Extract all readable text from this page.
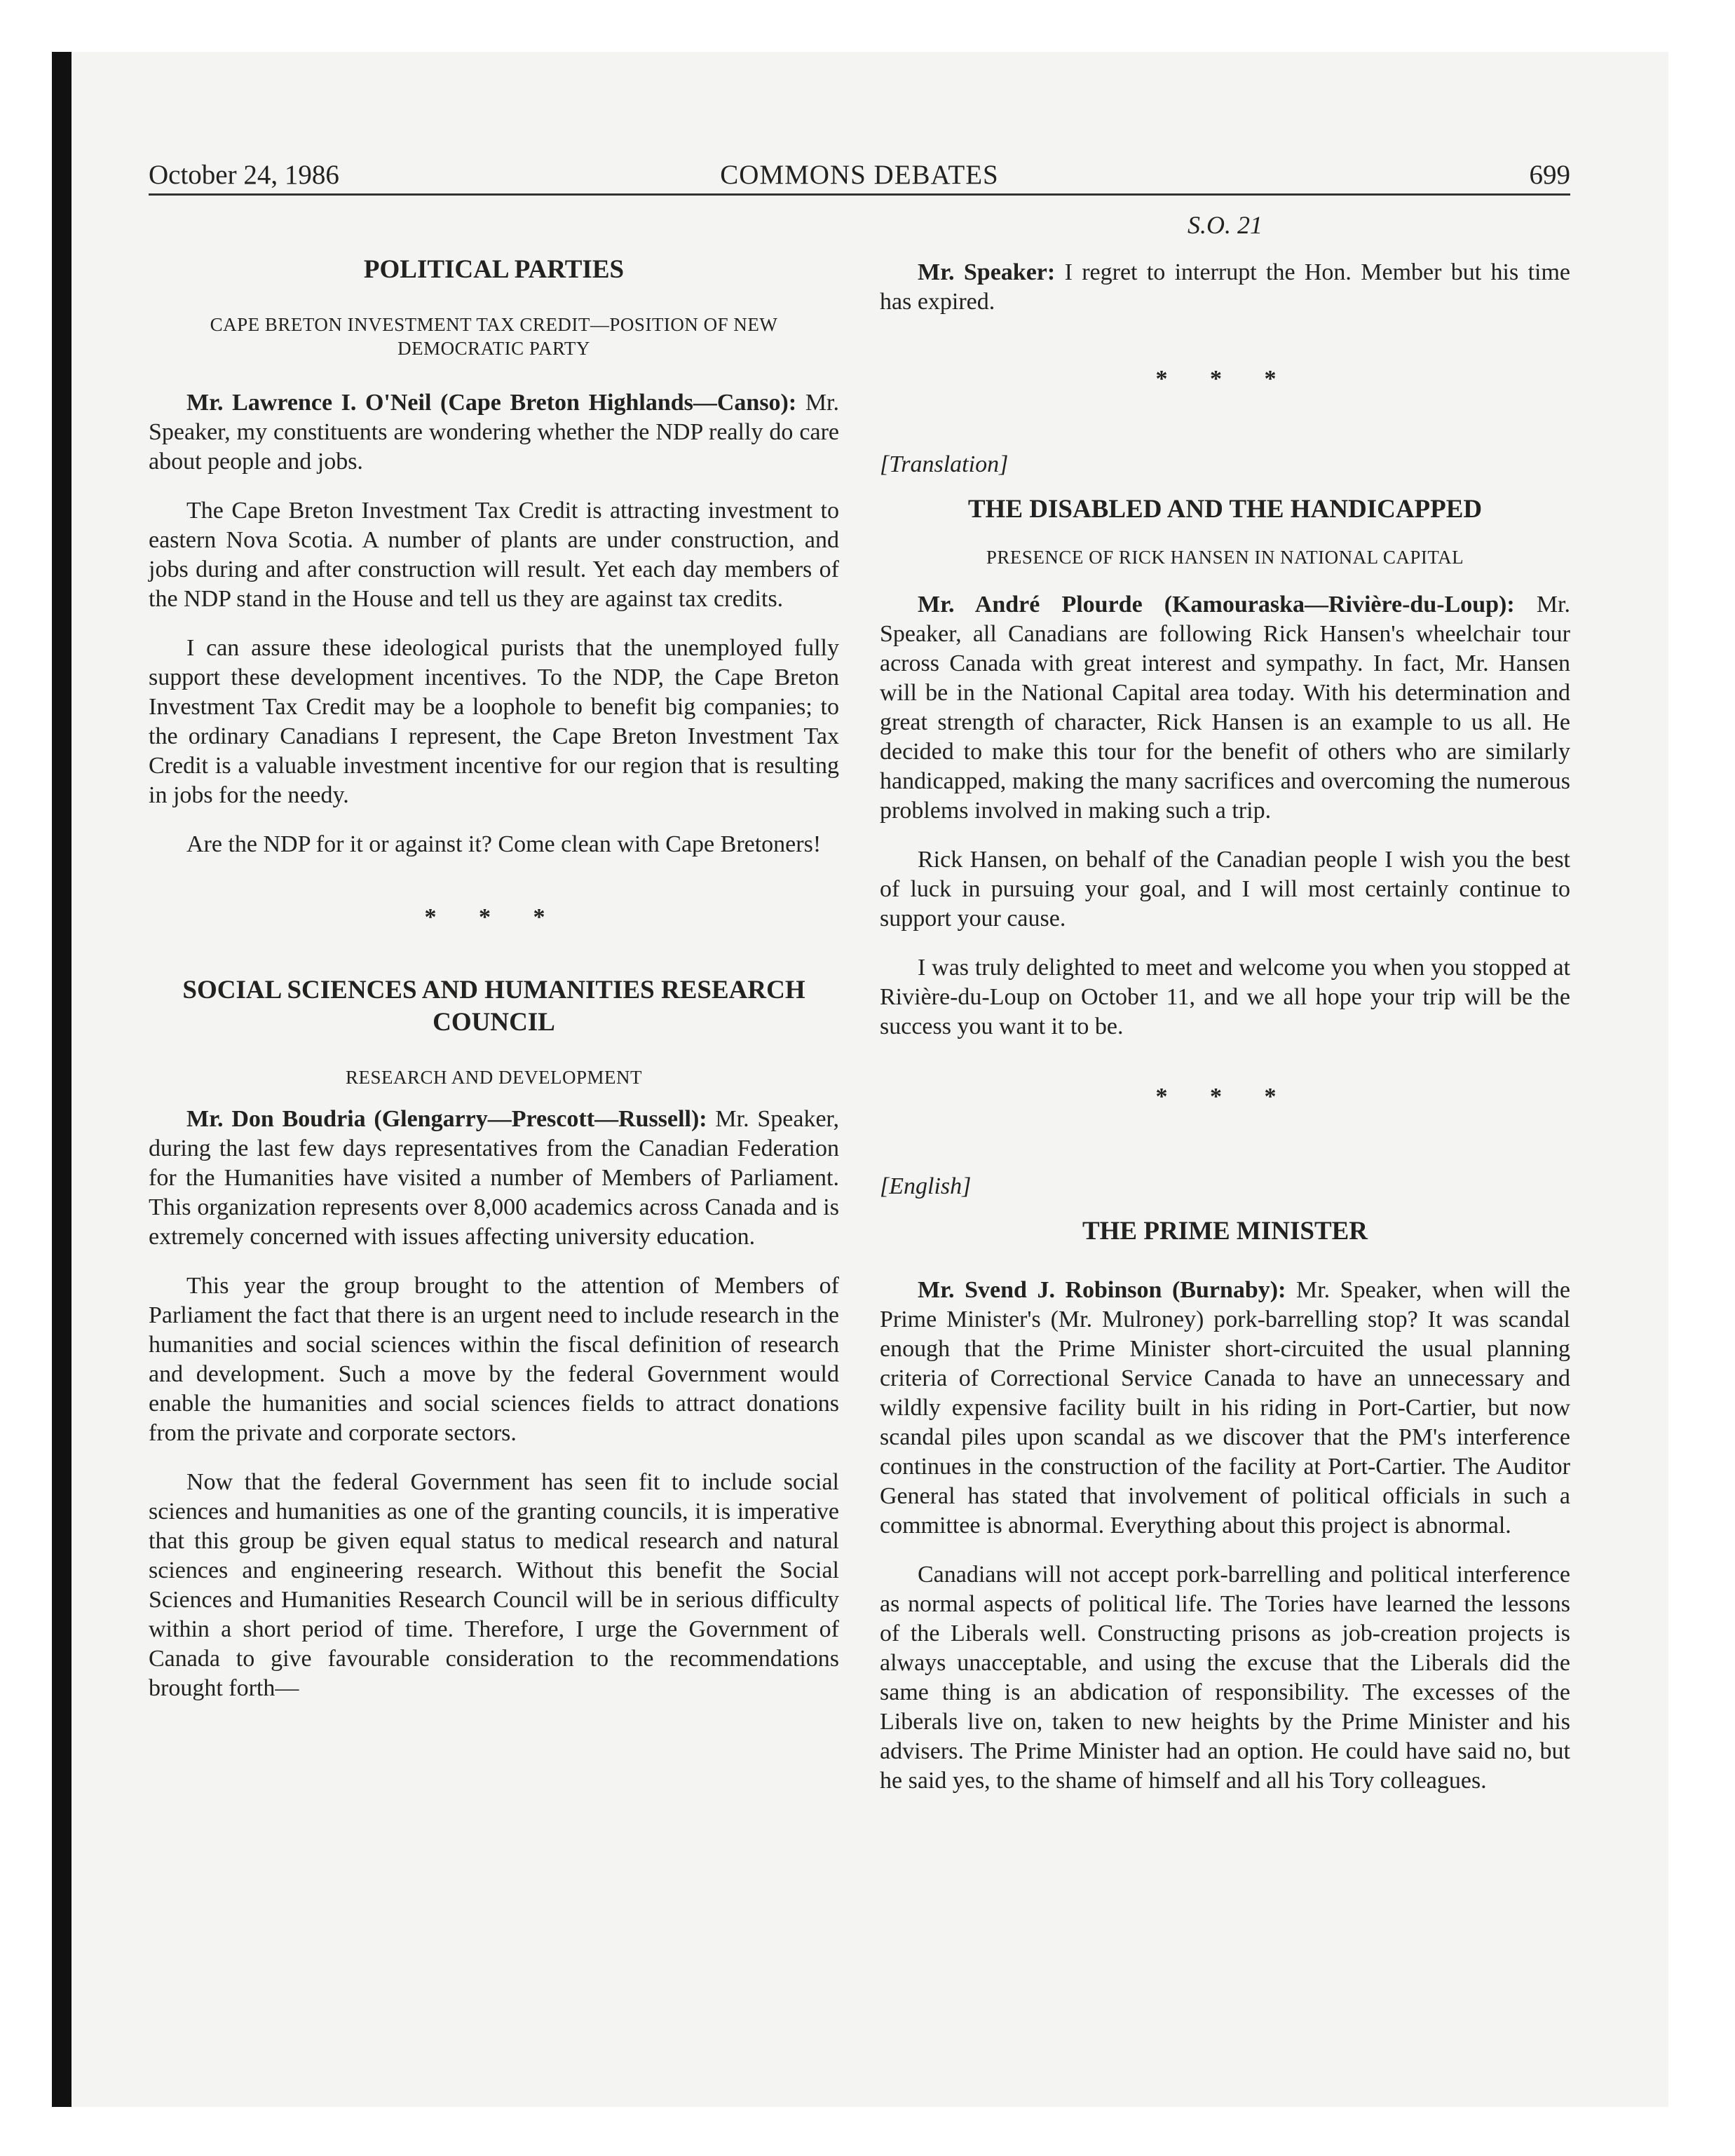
October 24, 1986	COMMONS DEBATES	699
POLITICAL PARTIES
CAPE BRETON INVESTMENT TAX CREDIT—POSITION OF NEW DEMOCRATIC PARTY

Mr. Lawrence I. O'Neil (Cape Breton Highlands—Canso): Mr. Speaker, my constituents are wondering whether the NDP really do care about people and jobs.

The Cape Breton Investment Tax Credit is attracting investment to eastern Nova Scotia. A number of plants are under construction, and jobs during and after construction will result. Yet each day members of the NDP stand in the House and tell us they are against tax credits.

I can assure these ideological purists that the unemployed fully support these development incentives. To the NDP, the Cape Breton Investment Tax Credit may be a loophole to benefit big companies; to the ordinary Canadians I represent, the Cape Breton Investment Tax Credit is a valuable investment incentive for our region that is resulting in jobs for the needy.

Are the NDP for it or against it? Come clean with Cape Bretoners!

* * *
SOCIAL SCIENCES AND HUMANITIES RESEARCH COUNCIL
RESEARCH AND DEVELOPMENT

Mr. Don Boudria (Glengarry—Prescott—Russell): Mr. Speaker, during the last few days representatives from the Canadian Federation for the Humanities have visited a number of Members of Parliament. This organization represents over 8,000 academics across Canada and is extremely concerned with issues affecting university education.

This year the group brought to the attention of Members of Parliament the fact that there is an urgent need to include research in the humanities and social sciences within the fiscal definition of research and development. Such a move by the federal Government would enable the humanities and social sciences fields to attract donations from the private and corporate sectors.

Now that the federal Government has seen fit to include social sciences and humanities as one of the granting councils, it is imperative that this group be given equal status to medical research and natural sciences and engineering research. Without this benefit the Social Sciences and Humanities Research Council will be in serious difficulty within a short period of time. Therefore, I urge the Government of Canada to give favourable consideration to the recommendations brought forth—

S.O. 21

Mr. Speaker: I regret to interrupt the Hon. Member but his time has expired.

* * *
[Translation]
THE DISABLED AND THE HANDICAPPED
PRESENCE OF RICK HANSEN IN NATIONAL CAPITAL

Mr. André Plourde (Kamouraska—Rivière-du-Loup): Mr. Speaker, all Canadians are following Rick Hansen's wheelchair tour across Canada with great interest and sympathy. In fact, Mr. Hansen will be in the National Capital area today. With his determination and great strength of character, Rick Hansen is an example to us all. He decided to make this tour for the benefit of others who are similarly handicapped, making the many sacrifices and overcoming the numerous problems involved in making such a trip.

Rick Hansen, on behalf of the Canadian people I wish you the best of luck in pursuing your goal, and I will most certainly continue to support your cause.

I was truly delighted to meet and welcome you when you stopped at Rivière-du-Loup on October 11, and we all hope your trip will be the success you want it to be.

* * *
[English]
THE PRIME MINISTER

Mr. Svend J. Robinson (Burnaby): Mr. Speaker, when will the Prime Minister's (Mr. Mulroney) pork-barrelling stop? It was scandal enough that the Prime Minister short-circuited the usual planning criteria of Correctional Service Canada to have an unnecessary and wildly expensive facility built in his riding in Port-Cartier, but now scandal piles upon scandal as we discover that the PM's interference continues in the construction of the facility at Port-Cartier. The Auditor General has stated that involvement of political officials in such a committee is abnormal. Everything about this project is abnormal.

Canadians will not accept pork-barrelling and political interference as normal aspects of political life. The Tories have learned the lessons of the Liberals well. Constructing prisons as job-creation projects is always unacceptable, and using the excuse that the Liberals did the same thing is an abdication of responsibility. The excesses of the Liberals live on, taken to new heights by the Prime Minister and his advisers. The Prime Minister had an option. He could have said no, but he said yes, to the shame of himself and all his Tory colleagues.
